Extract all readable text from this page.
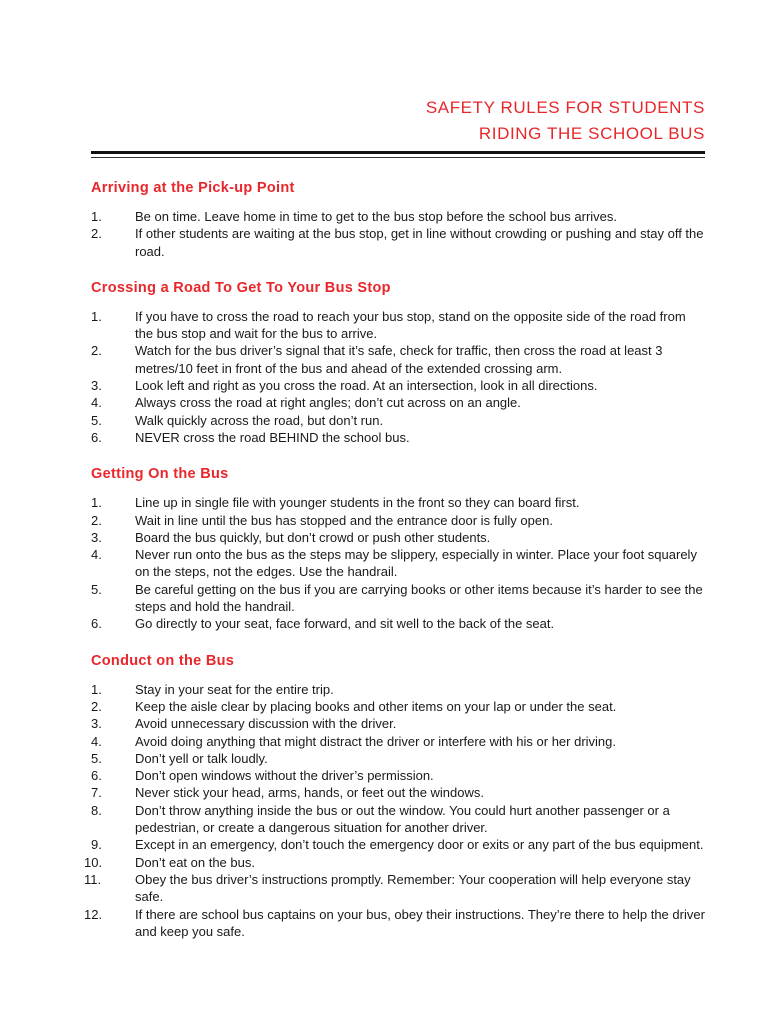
SAFETY RULES FOR STUDENTS
RIDING THE SCHOOL BUS
Arriving at the Pick-up Point
1.	Be on time. Leave home in time to get to the bus stop before the school bus arrives.
2.	If other students are waiting at the bus stop, get in line without crowding or pushing and stay off the road.
Crossing a Road To Get To Your Bus Stop
1.	If you have to cross the road to reach your bus stop, stand on the opposite side of the road from the bus stop and wait for the bus to arrive.
2.	Watch for the bus driver’s signal that it’s safe, check for traffic, then cross the road at least 3 metres/10 feet in front of the bus and ahead of the extended crossing arm.
3.	Look left and right as you cross the road. At an intersection, look in all directions.
4.	Always cross the road at right angles; don’t cut across on an angle.
5.	Walk quickly across the road, but don’t run.
6.	NEVER cross the road BEHIND the school bus.
Getting On the Bus
1.	Line up in single file with younger students in the front so they can board first.
2.	Wait in line until the bus has stopped and the entrance door is fully open.
3.	Board the bus quickly, but don’t crowd or push other students.
4.	Never run onto the bus as the steps may be slippery, especially in winter. Place your foot squarely on the steps, not the edges. Use the handrail.
5.	Be careful getting on the bus if you are carrying books or other items because it’s harder to see the steps and hold the handrail.
6.	Go directly to your seat, face forward, and sit well to the back of the seat.
Conduct on the Bus
1.	Stay in your seat for the entire trip.
2.	Keep the aisle clear by placing books and other items on your lap or under the seat.
3.	Avoid unnecessary discussion with the driver.
4.	Avoid doing anything that might distract the driver or interfere with his or her driving.
5.	Don’t yell or talk loudly.
6.	Don’t open windows without the driver’s permission.
7.	Never stick your head, arms, hands, or feet out the windows.
8.	Don’t throw anything inside the bus or out the window. You could hurt another passenger or a pedestrian, or create a dangerous situation for another driver.
9.	Except in an emergency, don’t touch the emergency door or exits or any part of the bus equipment.
10.	Don’t eat on the bus.
11.	Obey the bus driver’s instructions promptly. Remember: Your cooperation will help everyone stay safe.
12.	If there are school bus captains on your bus, obey their instructions. They’re there to help the driver and keep you safe.
